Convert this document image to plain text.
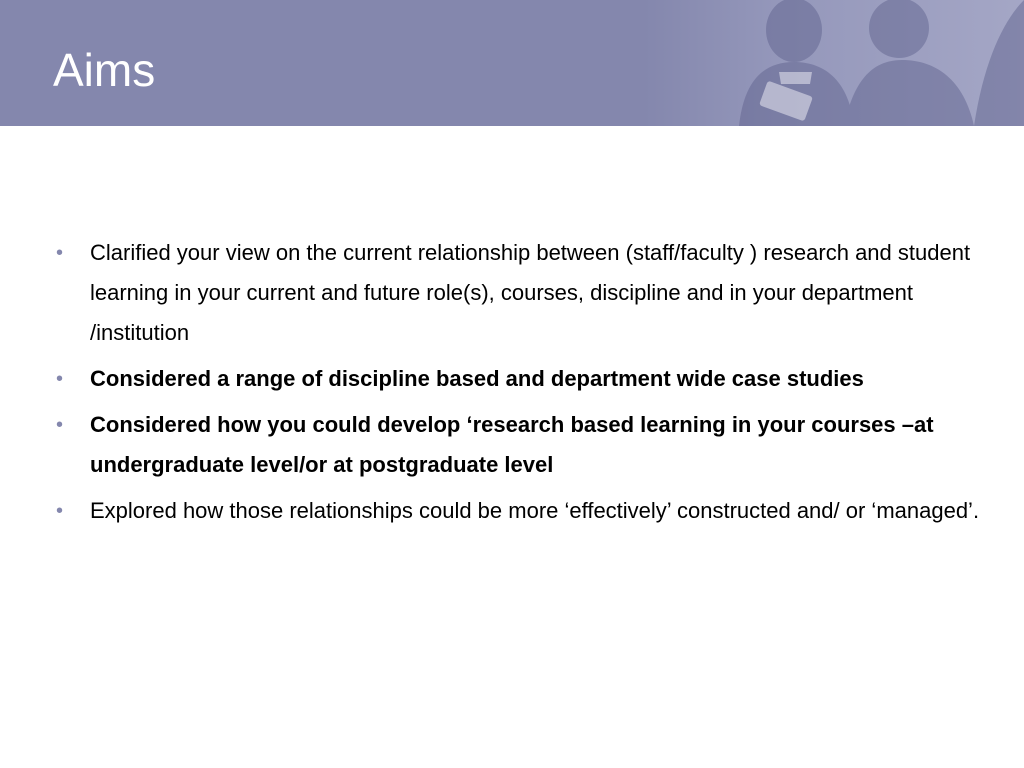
Aims
• Clarified your view on the current relationship between (staff/faculty ) research and student learning in your current and future role(s), courses, discipline and in your department /institution
• Considered a range of discipline based and department wide case studies
• Considered how you could develop ‘research based learning in your courses –at undergraduate level/or at postgraduate level
• Explored how those relationships could be more ‘effectively’ constructed and/ or ‘managed’.
